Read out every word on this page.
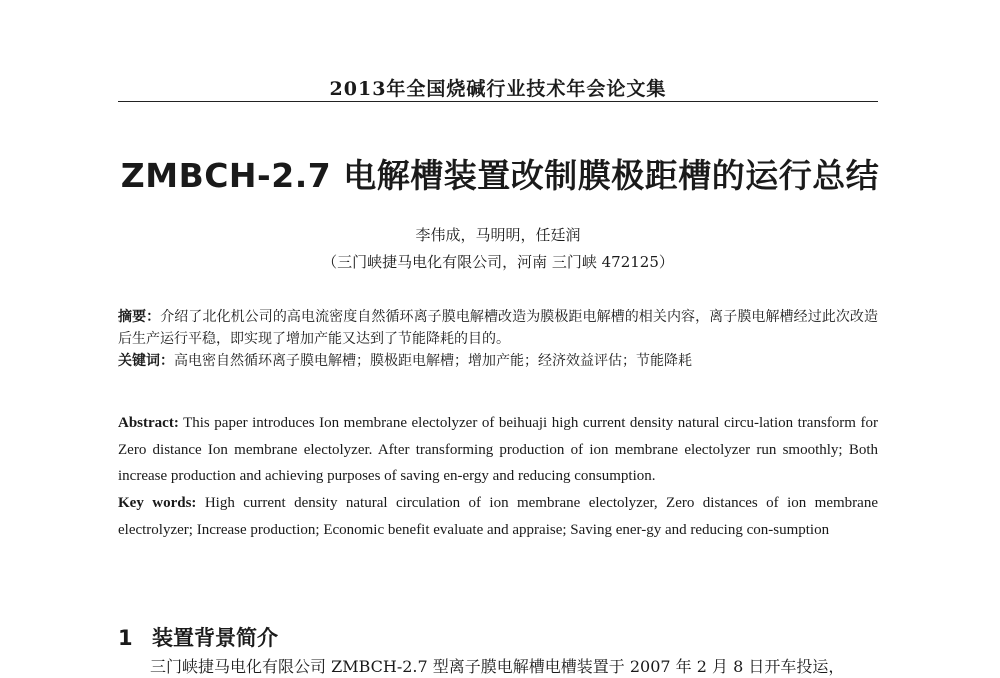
2013年全国烧碱行业技术年会论文集
ZMBCH-2.7 电解槽装置改制膜极距槽的运行总结
李伟成，马明明，任廷润
（三门峡捷马电化有限公司，河南 三门峡 472125）

摘要：介绍了北化机公司的高电流密度自然循环离子膜电解槽改造为膜极距电解槽的相关内容，离子膜电解槽经过此次改造后生产运行平稳，即实现了增加产能又达到了节能降耗的目的。

关键词：高电密自然循环离子膜电解槽；膜极距电解槽；增加产能；经济效益评估；节能降耗

Abstract: This paper introduces Ion membrane electolyzer of beihuaji high current density natural circu-lation transform for Zero distance Ion membrane electolyzer. After transforming production of ion membrane electolyzer run smoothly; Both increase production and achieving purposes of saving en-ergy and reducing consumption.

Key words: High current density natural circulation of ion membrane electolyzer, Zero distances of ion membrane electrolyzer; Increase production; Economic benefit evaluate and appraise; Saving ener-gy and reducing con-sumption

1 装置背景简介
三门峡捷马电化有限公司 ZMBCH-2.7 型离子膜电解槽电槽装置于 2007 年 2 月 8 日开车投运，
